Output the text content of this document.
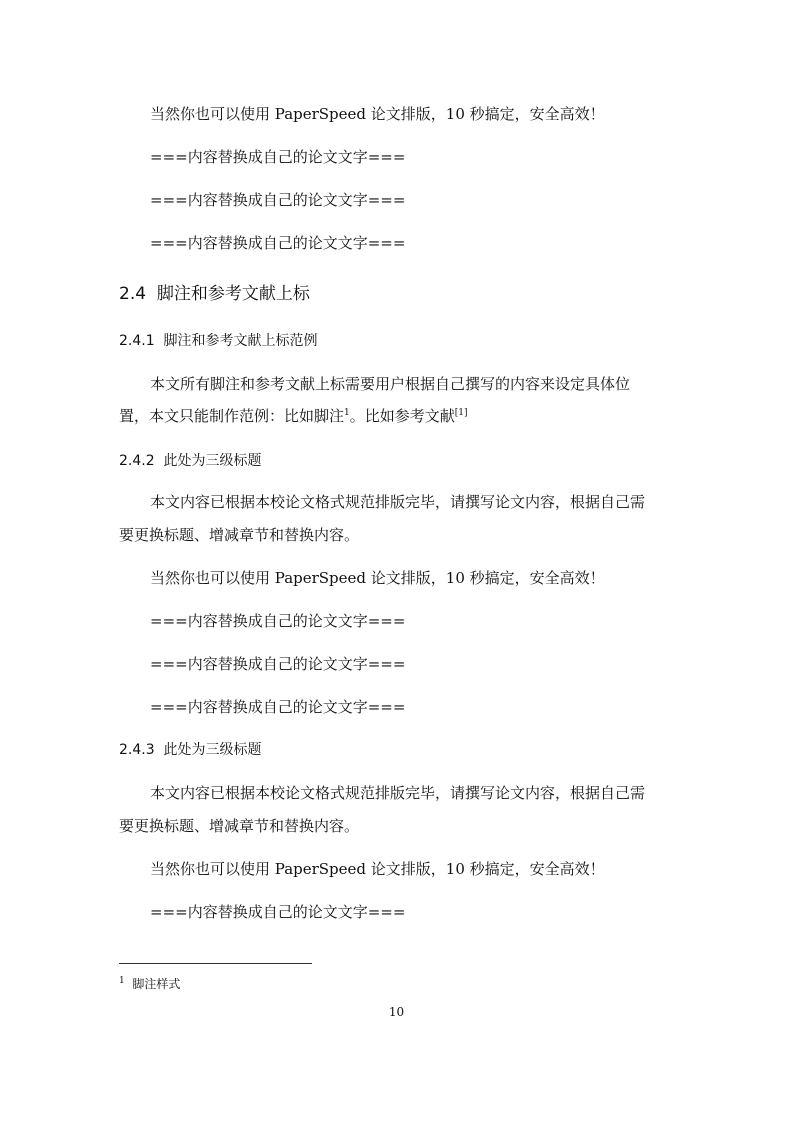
当然你也可以使用 PaperSpeed 论文排版，10 秒搞定，安全高效！
===内容替换成自己的论文文字===
===内容替换成自己的论文文字===
===内容替换成自己的论文文字===
2.4 脚注和参考文献上标
2.4.1 脚注和参考文献上标范例
本文所有脚注和参考文献上标需要用户根据自己撰写的内容来设定具体位
置，本文只能制作范例：比如脚注$^1$。比如参考文献[1]
2.4.2 此处为三级标题
本文内容已根据本校论文格式规范排版完毕，请撰写论文内容，根据自己需
要更换标题、增减章节和替换内容。
当然你也可以使用 PaperSpeed 论文排版，10 秒搞定，安全高效！
===内容替换成自己的论文文字===
===内容替换成自己的论文文字===
===内容替换成自己的论文文字===
2.4.3 此处为三级标题
本文内容已根据本校论文格式规范排版完毕，请撰写论文内容，根据自己需
要更换标题、增减章节和替换内容。
当然你也可以使用 PaperSpeed 论文排版，10 秒搞定，安全高效！
===内容替换成自己的论文文字===
$^1$ 脚注样式
10
